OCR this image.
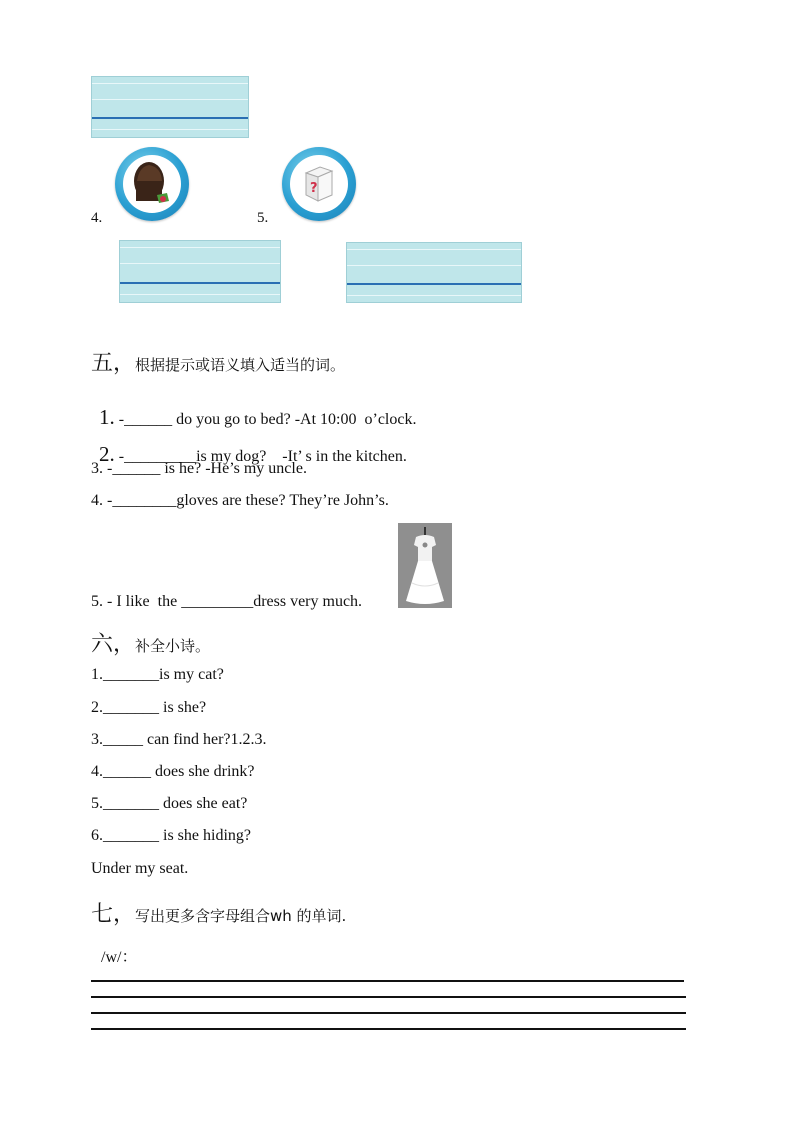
4.	5.
?
五，根据提示或语义填入适当的词。

1. -______ do you go to bed? -At 10:00  o’clock.

2. -_________is my dog?    -It’ s in the kitchen.

3. -______ is he? -He’s my uncle.
4. -________gloves are these? They’re John’s.
5. - I like  the _________dress very much.
六，补全小诗。
1._______is my cat?
2._______ is she?
3._____ can find her?1.2.3.
4.______ does she drink?
5._______ does she eat?
6._______ is she hiding?
Under my seat.
七，写出更多含字母组合wh 的单词.
/w/：
